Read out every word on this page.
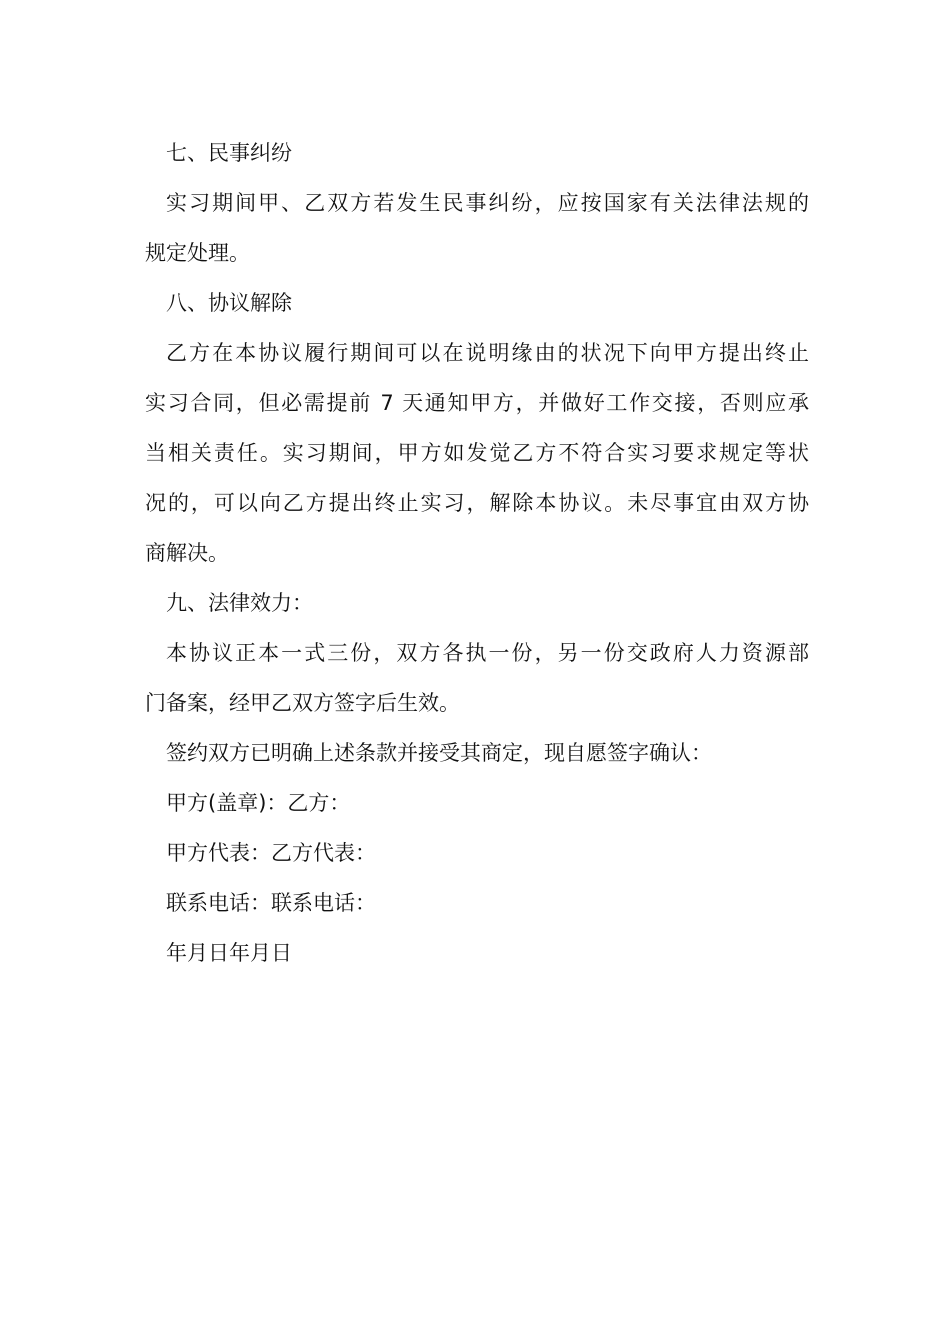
七、民事纠纷
实习期间甲、乙双方若发生民事纠纷，应按国家有关法律法规的
规定处理。
八、协议解除
乙方在本协议履行期间可以在说明缘由的状况下向甲方提出终止
实习合同，但必需提前 7 天通知甲方，并做好工作交接，否则应承
当相关责任。实习期间，甲方如发觉乙方不符合实习要求规定等状
况的，可以向乙方提出终止实习，解除本协议。未尽事宜由双方协
商解决。
九、法律效力：
本协议正本一式三份，双方各执一份，另一份交政府人力资源部
门备案，经甲乙双方签字后生效。
签约双方已明确上述条款并接受其商定，现自愿签字确认：
甲方(盖章)：乙方：
甲方代表：乙方代表：
联系电话：联系电话：
年月日年月日
